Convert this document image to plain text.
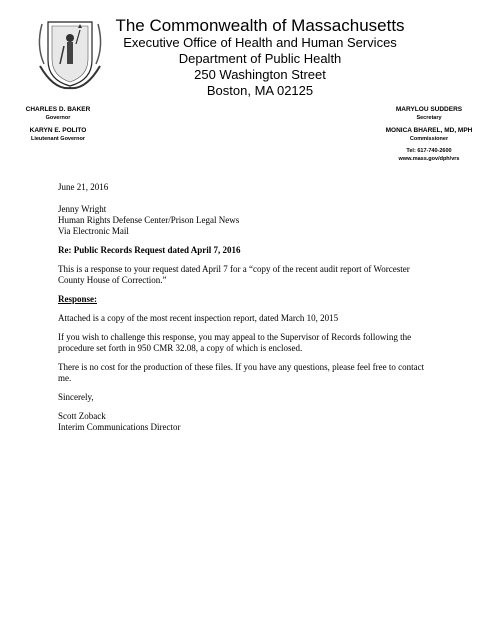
The Commonwealth of Massachusetts
Executive Office of Health and Human Services
Department of Public Health
250 Washington Street
Boston, MA 02125
CHARLES D. BAKER
Governor
KARYN E. POLITO
Lieutenant Governor
MARYLOU SUDDERS
Secretary
MONICA BHAREL, MD, MPH
Commissioner
Tel: 617-740-2600
www.mass.gov/dph/vrs

June 21, 2016

Jenny Wright

Human Rights Defense Center/Prison Legal News

Via Electronic Mail

Re: Public Records Request dated April 7, 2016

This is a response to your request dated April 7 for a “copy of the recent audit report of Worcester County House of Correction.”

Response:

Attached is a copy of the most recent inspection report, dated March 10, 2015

If you wish to challenge this response, you may appeal to the Supervisor of Records following the procedure set forth in 950 CMR 32.08, a copy of which is enclosed.

There is no cost for the production of these files. If you have any questions, please feel free to contact me.

Sincerely,

Scott Zoback

Interim Communications Director
